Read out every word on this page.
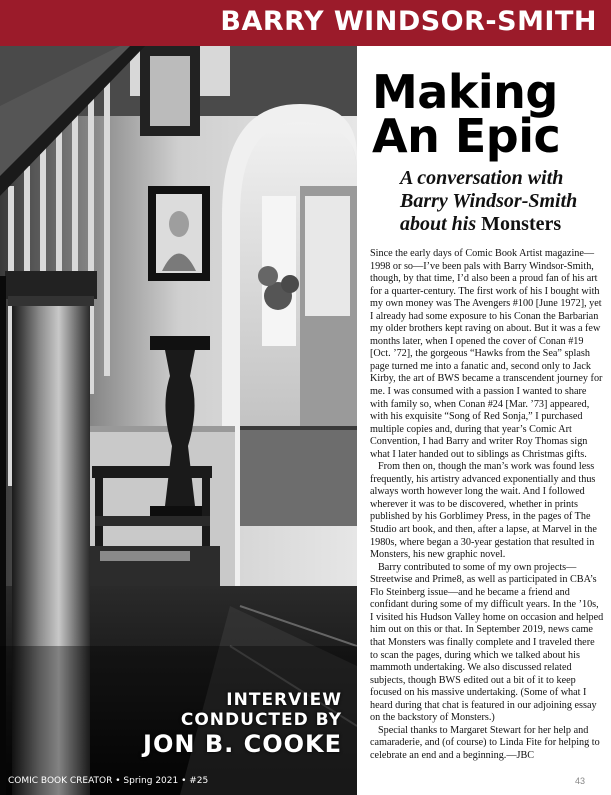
BARRY WINDSOR-SMITH
INTERVIEW
CONDUCTED BY
JON B. COOKE
COMIC BOOK CREATOR • Spring 2021 • #25
Making
An Epic
A conversation with Barry Windsor-Smith about his Monsters

Since the early days of Comic Book Artist magazine—1998 or so—I’ve been pals with Barry Windsor-Smith, though, by that time, I’d also been a proud fan of his art for a quarter-century. The first work of his I bought with my own money was The Avengers #100 [June 1972], yet I already had some exposure to his Conan the Barbarian my older brothers kept raving on about. But it was a few months later, when I opened the cover of Conan #19 [Oct. ’72], the gorgeous “Hawks from the Sea” splash page turned me into a fanatic and, second only to Jack Kirby, the art of BWS became a transcendent journey for me. I was consumed with a passion I wanted to share with family so, when Conan #24 [Mar. ’73] appeared, with his exquisite “Song of Red Sonja,” I purchased multiple copies and, during that year’s Comic Art Convention, I had Barry and writer Roy Thomas sign what I later handed out to siblings as Christmas gifts.

From then on, though the man’s work was found less frequently, his artistry advanced exponentially and thus always worth however long the wait. And I followed wherever it was to be discovered, whether in prints published by his Gorblimey Press, in the pages of The Studio art book, and then, after a lapse, at Marvel in the 1980s, where began a 30-year gestation that resulted in Monsters, his new graphic novel.

Barry contributed to some of my own projects—Streetwise and Prime8, as well as participated in CBA’s Flo Steinberg issue—and he became a friend and confidant during some of my difficult years. In the ’10s, I visited his Hudson Valley home on occasion and helped him out on this or that. In September 2019, news came that Monsters was finally complete and I traveled there to scan the pages, during which we talked about his mammoth undertaking. We also discussed related subjects, though BWS edited out a bit of it to keep focused on his massive undertaking. (Some of what I heard during that chat is featured in our adjoining essay on the backstory of Monsters.)

Special thanks to Margaret Stewart for her help and camaraderie, and (of course) to Linda Fite for helping to celebrate an end and a beginning.—JBC

43
